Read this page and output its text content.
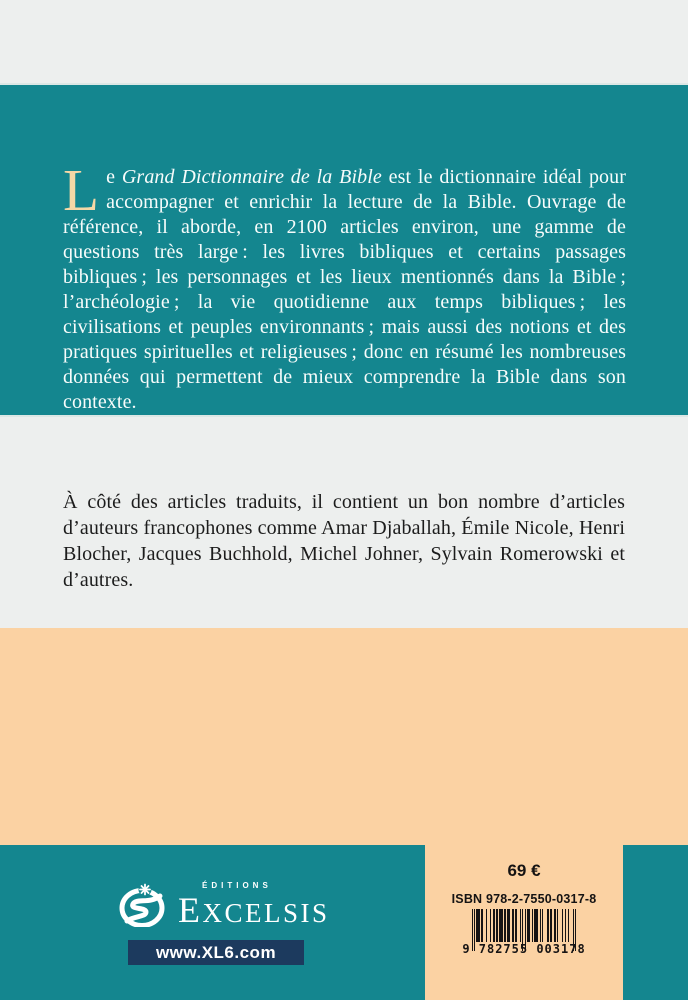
Le Grand Dictionnaire de la Bible est le dictionnaire idéal pour accompagner et enrichir la lecture de la Bible. Ouvrage de référence, il aborde, en 2100 articles environ, une gamme de questions très large : les livres bibliques et certains passages bibliques ; les personnages et les lieux mentionnés dans la Bible ; l’archéologie ; la vie quotidienne aux temps bibliques ; les civilisations et peuples environnants ; mais aussi des notions et des pratiques spirituelles et religieuses ; donc en résumé les nombreuses données qui permettent de mieux comprendre la Bible dans son contexte.

À côté des articles traduits, il contient un bon nombre d’articles d’auteurs francophones comme Amar Djaballah, Émile Nicole, Henri Blocher, Jacques Buchhold, Michel Johner, Sylvain Romerowski et d’autres.

69 €
ISBN 978-2-7550-0317-8
9 782755 003178
ÉDITIONS
EXCELSIS
www.XL6.com
